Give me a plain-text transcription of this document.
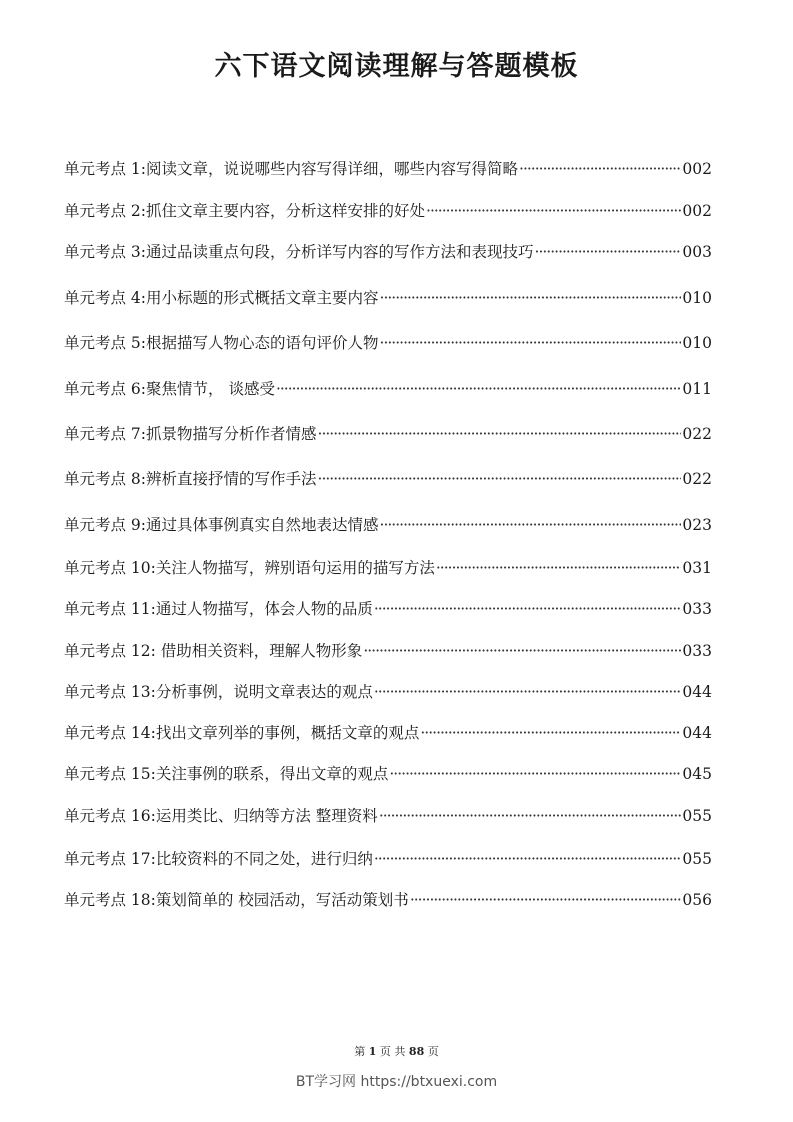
六下语文阅读理解与答题模板
单元考点 1:阅读文章，说说哪些内容写得详细，哪些内容写得简略 ·····	002
单元考点 2:抓住文章主要内容，分析这样安排的好处 ·····	002
单元考点 3:通过品读重点句段，分析详写内容的写作方法和表现技巧 ·····	003
单元考点 4:用小标题的形式概括文章主要内容 ·····	010
单元考点 5:根据描写人物心态的语句评价人物 ·····	010
单元考点 6:聚焦情节， 谈感受 ·····	011
单元考点 7:抓景物描写分析作者情感 ·····	022
单元考点 8:辨析直接抒情的写作手法 ·····	022
单元考点 9:通过具体事例真实自然地表达情感 ·····	023
单元考点 10:关注人物描写，辨别语句运用的描写方法 ·····	031
单元考点 11:通过人物描写，体会人物的品质 ·····	033
单元考点 12: 借助相关资料，理解人物形象 ·····	033
单元考点 13:分析事例，说明文章表达的观点 ·····	044
单元考点 14:找出文章列举的事例，概括文章的观点 ·····	044
单元考点 15:关注事例的联系，得出文章的观点 ·····	045
单元考点 16:运用类比、归纳等方法 整理资料 ·····	055
单元考点 17:比较资料的不同之处，进行归纳 ·····	055
单元考点 18:策划简单的 校园活动，写活动策划书 ·····	056
第 1 页 共 88 页
BT学习网 https://btxuexi.com
